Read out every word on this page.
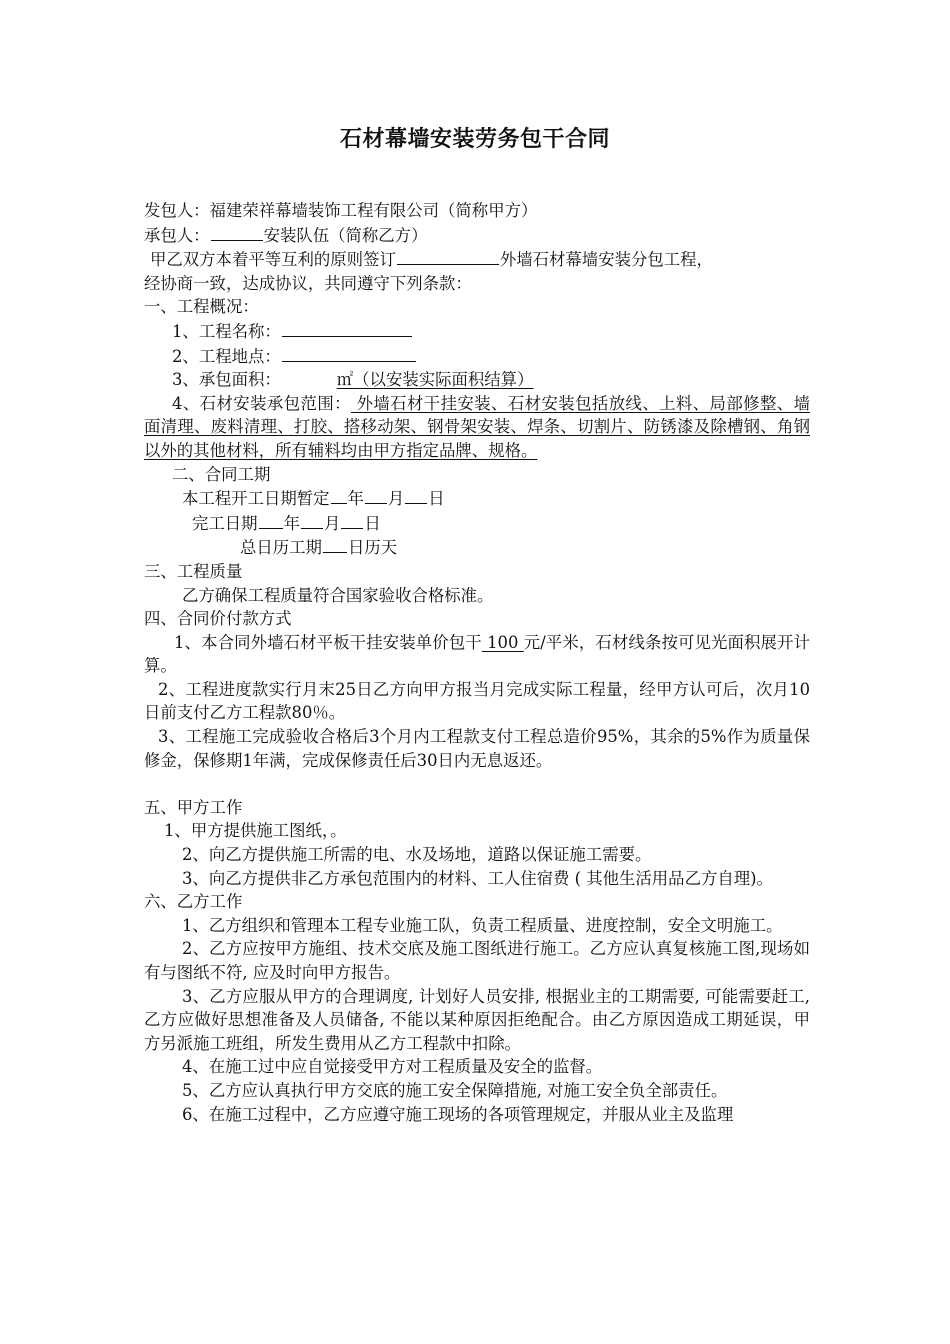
石材幕墙安装劳务包干合同

发包人：福建荣祥幕墙装饰工程有限公司（简称甲方）

承包人：	安装队伍（简称乙方）

甲乙双方本着平等互利的原则签订	外墙石材幕墙安装分包工程，

经协商一致，达成协议，共同遵守下列条款：

一、工程概况：

1、工程名称：

2、工程地点：

3、承包面积：	㎡（以安装实际面积结算）

4、石材安装承包范围： 外墙石材干挂安装、石材安装包括放线、上料、局部修整、墙面清理、废料清理、打胶、搭移动架、钢骨架安装、焊条、切割片、防锈漆及除槽钢、角钢以外的其他材料，所有辅料均由甲方指定品牌、规格。

二、合同工期

本工程开工日期暂定 年 月 日

完工日期 年 月 日

总日历工期 日历天

三、工程质量

乙方确保工程质量符合国家验收合格标准。

四、合同价付款方式

1、本合同外墙石材平板干挂安装单价包干 100 元/平米，石材线条按可见光面积展开计算。

2、工程进度款实行月末25日乙方向甲方报当月完成实际工程量，经甲方认可后，次月10日前支付乙方工程款80％。

3、工程施工完成验收合格后3个月内工程款支付工程总造价95%，其余的5%作为质量保修金，保修期1年满，完成保修责任后30日内无息返还。

五、甲方工作

1、甲方提供施工图纸，。

2、向乙方提供施工所需的电、水及场地，道路以保证施工需要。

3、向乙方提供非乙方承包范围内的材料、工人住宿费 ( 其他生活用品乙方自理)。

六、乙方工作

1、乙方组织和管理本工程专业施工队，负责工程质量、进度控制，安全文明施工。

2、乙方应按甲方施组、技术交底及施工图纸进行施工。乙方应认真复核施工图,现场如有与图纸不符, 应及时向甲方报告。

3、乙方应服从甲方的合理调度, 计划好人员安排, 根据业主的工期需要, 可能需要赶工, 乙方应做好思想准备及人员储备, 不能以某种原因拒绝配合。由乙方原因造成工期延误，甲方另派施工班组，所发生费用从乙方工程款中扣除。

4、在施工过中应自觉接受甲方对工程质量及安全的监督。

5、乙方应认真执行甲方交底的施工安全保障措施, 对施工安全负全部责任。

6、在施工过程中，乙方应遵守施工现场的各项管理规定，并服从业主及监理
